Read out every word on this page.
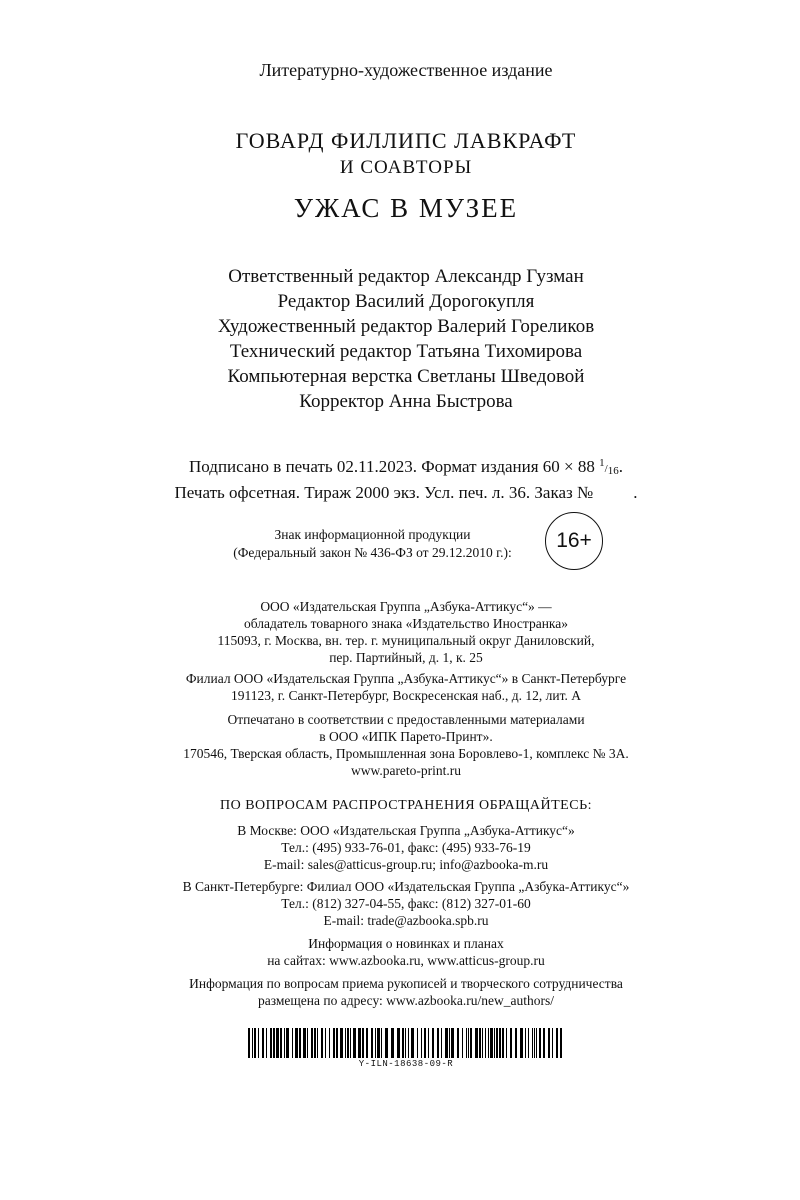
Литературно-художественное издание
ГОВАРД ФИЛЛИПС ЛАВКРАФТ
И СОАВТОРЫ
УЖАС В МУЗЕЕ
Ответственный редактор Александр Гузман
Редактор Василий Дорогокупля
Художественный редактор Валерий Гореликов
Технический редактор Татьяна Тихомирова
Компьютерная верстка Светланы Шведовой
Корректор Анна Быстрова
Подписано в печать 02.11.2023. Формат издания 60 × 88 1/16.
Печать офсетная. Тираж 2000 экз. Усл. печ. л. 36. Заказ № .
Знак информационной продукции
(Федеральный закон № 436-ФЗ от 29.12.2010 г.):
16+
ООО «Издательская Группа „Азбука-Аттикус“» —
обладатель товарного знака «Издательство Иностранка»
115093, г. Москва, вн. тер. г. муниципальный округ Даниловский,
пер. Партийный, д. 1, к. 25
Филиал ООО «Издательская Группа „Азбука-Аттикус“» в Санкт-Петербурге
191123, г. Санкт-Петербург, Воскресенская наб., д. 12, лит. А
Отпечатано в соответствии с предоставленными материалами
в ООО «ИПК Парето-Принт».
170546, Тверская область, Промышленная зона Боровлево-1, комплекс № 3А.
www.pareto-print.ru
ПО ВОПРОСАМ РАСПРОСТРАНЕНИЯ ОБРАЩАЙТЕСЬ:
В Москве: ООО «Издательская Группа „Азбука-Аттикус“»
Тел.: (495) 933-76-01, факс: (495) 933-76-19
E-mail: sales@atticus-group.ru; info@azbooka-m.ru
В Санкт-Петербурге: Филиал ООО «Издательская Группа „Азбука-Аттикус“»
Тел.: (812) 327-04-55, факс: (812) 327-01-60
E-mail: trade@azbooka.spb.ru
Информация о новинках и планах
на сайтах: www.azbooka.ru, www.atticus-group.ru
Информация по вопросам приема рукописей и творческого сотрудничества
размещена по адресу: www.azbooka.ru/new_authors/
Y-ILN-18638-09-R
